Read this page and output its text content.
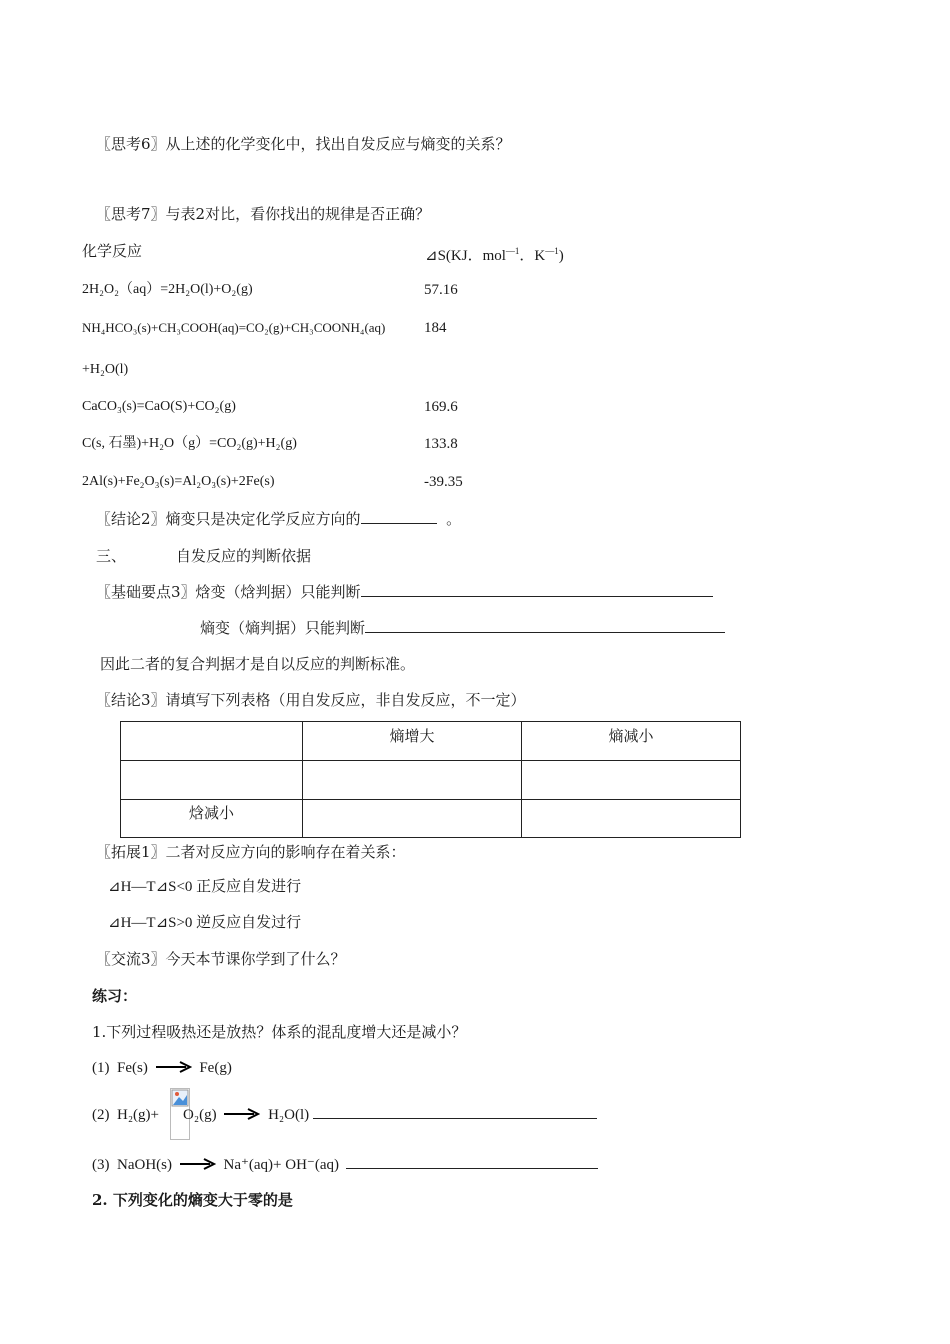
〖思考6〗从上述的化学变化中，找出自发反应与熵变的关系？
〖思考7〗与表2对比，看你找出的规律是否正确？
化学反应	⊿S(KJ．mol$^{—1}$．$K^{—1}$)
2H₂O₂（aq）=2H₂O(l)+O₂(g)	57.16
NH₄HCO₃(s)+CH₃COOH(aq)=CO₂(g)+CH₃COONH₄(aq)	184
+H₂O(l)
CaCO₃(s)=CaO(S)+CO₂(g)	169.6
C(s, 石墨)+H₂O（g）=CO₂(g)+H₂(g)	133.8
2Al(s)+Fe₂O₃(s)=Al₂O₃(s)+2Fe(s)	-39.35
〖结论2〗熵变只是决定化学反应方向的	。
三、	自发反应的判断依据
〖基础要点3〗焓变（焓判据）只能判断
熵变（熵判据）只能判断
因此二者的复合判据才是自以反应的判断标准。
〖结论3〗请填写下列表格（用自发反应，非自发反应，不一定）
	熵增大	熵减小

焓减小		
〖拓展1〗二者对反应方向的影响存在着关系：
⊿H—T⊿S<0 正反应自发进行
⊿H—T⊿S>0 逆反应自发过行
〖交流3〗今天本节课你学到了什么？
练习：
1.下列过程吸热还是放热？体系的混乱度增大还是减小？
(1) Fe(s)	Fe(g)
(2) H₂(g)+ O₂(g)	H₂O(l)
(3) NaOH(s)	Na⁺(aq)+ OH⁻(aq)
2. 下列变化的熵变大于零的是
